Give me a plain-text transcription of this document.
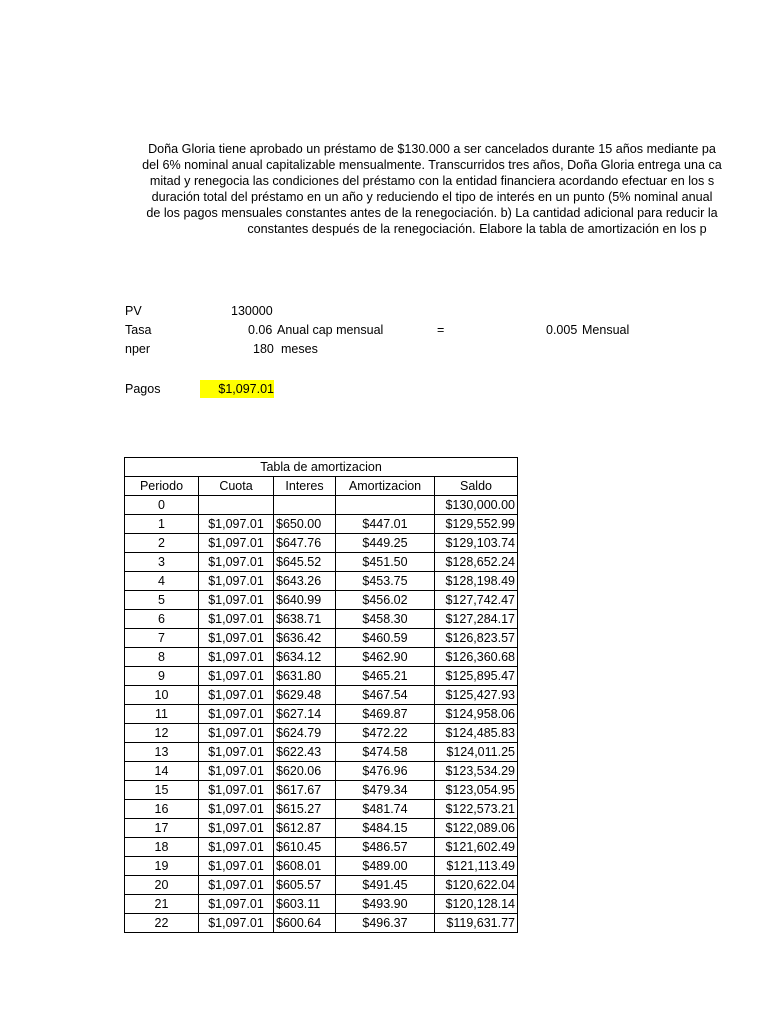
Doña Gloria tiene aprobado un préstamo de $130.000 a ser cancelados durante 15 años mediante pa
del 6% nominal anual capitalizable mensualmente. Transcurridos tres años, Doña Gloria entrega una ca
mitad y renegocia las condiciones del préstamo con la entidad financiera acordando efectuar en los s
duración total del préstamo en un año y reduciendo el tipo de interés en un punto (5% nominal anual
de los pagos mensuales constantes antes de la renegociación. b) La cantidad adicional para reducir la
constantes después de la renegociación. Elabore la tabla de amortización en los p
PV	130000
Tasa	0.06 Anual cap mensual	=	0.005 Mensual
nper	180 meses
Pagos	$1,097.01
Tabla de amortizacion				
Periodo	Cuota	Interes	Amortizacion	Saldo
0				$130,000.00
1	$1,097.01	$650.00	$447.01	$129,552.99
2	$1,097.01	$647.76	$449.25	$129,103.74
3	$1,097.01	$645.52	$451.50	$128,652.24
4	$1,097.01	$643.26	$453.75	$128,198.49
5	$1,097.01	$640.99	$456.02	$127,742.47
6	$1,097.01	$638.71	$458.30	$127,284.17
7	$1,097.01	$636.42	$460.59	$126,823.57
8	$1,097.01	$634.12	$462.90	$126,360.68
9	$1,097.01	$631.80	$465.21	$125,895.47
10	$1,097.01	$629.48	$467.54	$125,427.93
11	$1,097.01	$627.14	$469.87	$124,958.06
12	$1,097.01	$624.79	$472.22	$124,485.83
13	$1,097.01	$622.43	$474.58	$124,011.25
14	$1,097.01	$620.06	$476.96	$123,534.29
15	$1,097.01	$617.67	$479.34	$123,054.95
16	$1,097.01	$615.27	$481.74	$122,573.21
17	$1,097.01	$612.87	$484.15	$122,089.06
18	$1,097.01	$610.45	$486.57	$121,602.49
19	$1,097.01	$608.01	$489.00	$121,113.49
20	$1,097.01	$605.57	$491.45	$120,622.04
21	$1,097.01	$603.11	$493.90	$120,128.14
22	$1,097.01	$600.64	$496.37	$119,631.77
